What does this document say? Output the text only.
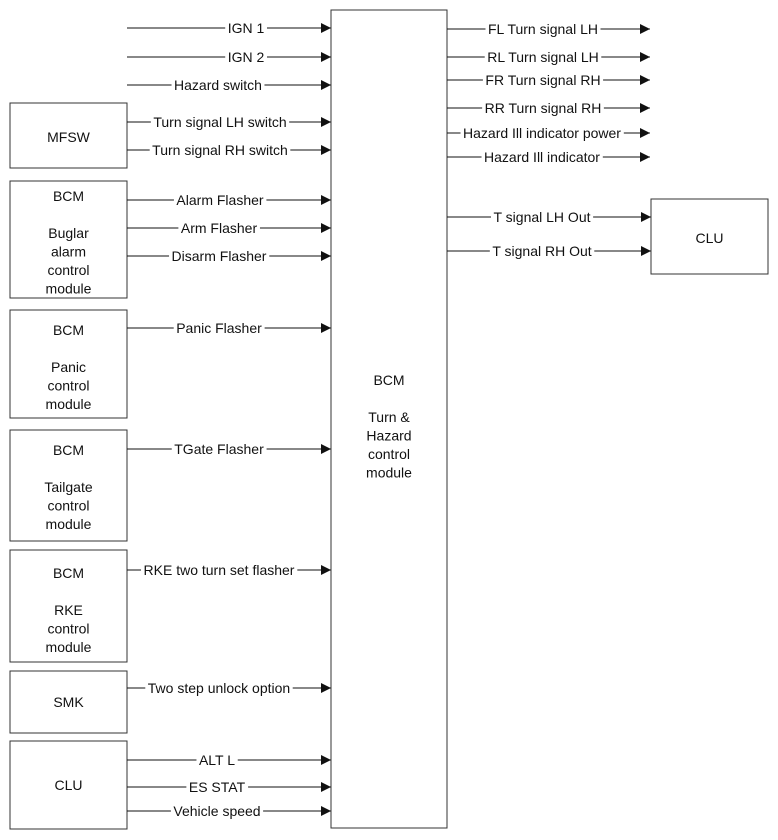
BCM
Turn &
Hazard
control
module
MFSW
BCM
Buglar
alarm
control
module
BCM
Panic
control
module
BCM
Tailgate
control
module
BCM
RKE
control
module
SMK
CLU
CLU
IGN 1
IGN 2
Hazard switch
Turn signal LH switch
Turn signal RH switch
Alarm Flasher
Arm Flasher
Disarm Flasher
Panic Flasher
TGate Flasher
RKE two turn set flasher
Two step unlock option
ALT L
ES STAT
Vehicle speed
FL Turn signal LH
RL Turn signal LH
FR Turn signal RH
RR Turn signal RH
Hazard Ill indicator power
Hazard Ill indicator
T signal LH Out
T signal RH Out
